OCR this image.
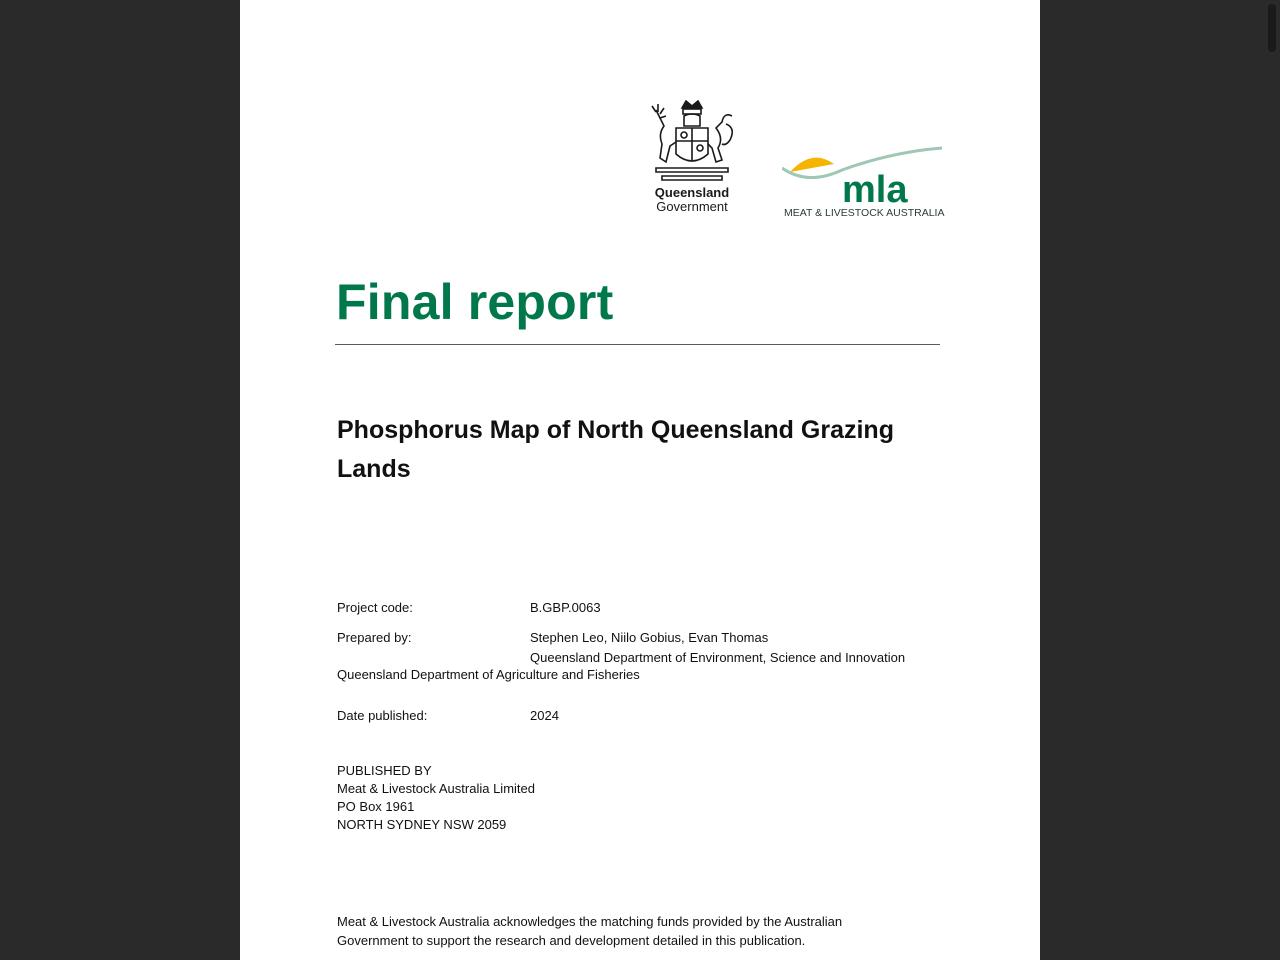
Queensland
Government	mla
MEAT & LIVESTOCK AUSTRALIA
Final report
Phosphorus Map of North Queensland Grazing Lands
Project code:	B.GBP.0063
Prepared by:	Stephen Leo, Niilo Gobius, Evan Thomas
Queensland Department of Environment, Science and Innovation
Queensland Department of Agriculture and Fisheries
Date published:	2024
PUBLISHED BY
Meat & Livestock Australia Limited
PO Box 1961
NORTH SYDNEY NSW 2059
Meat & Livestock Australia acknowledges the matching funds provided by the Australian Government to support the research and development detailed in this publication.
